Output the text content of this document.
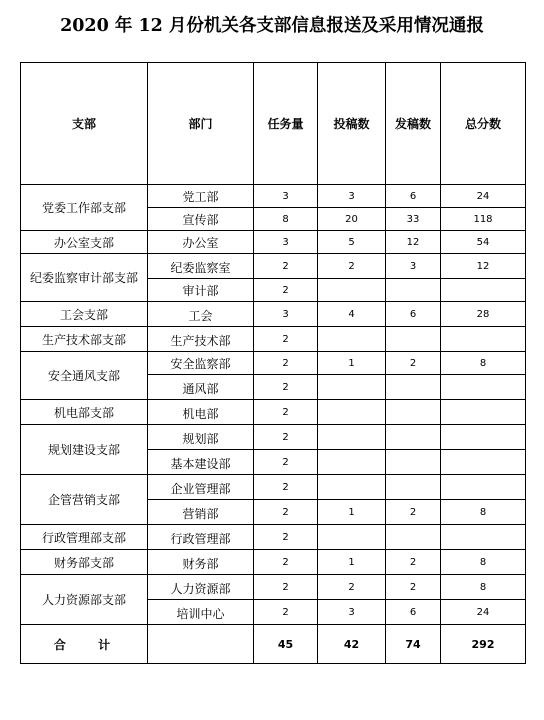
2020 年 12 月份机关各支部信息报送及采用情况通报
支部	部门	任务量	投稿数	发稿数	总分数
党委工作部支部	党工部	3	3	6	24
	宣传部	8	20	33	118
办公室支部	办公室	3	5	12	54
纪委监察审计部支部	纪委监察室	2	2	3	12
	审计部	2			
工会支部	工会	3	4	6	28
生产技术部支部	生产技术部	2			
安全通风支部	安全监察部	2	1	2	8
	通风部	2			
机电部支部	机电部	2			
规划建设支部	规划部	2			
	基本建设部	2			
企管营销支部	企业管理部	2			
	营销部	2	1	2	8
行政管理部支部	行政管理部	2			
财务部支部	财务部	2	1	2	8
人力资源部支部	人力资源部	2	2	2	8
	培训中心	2	3	6	24
合 计		45	42	74	292
